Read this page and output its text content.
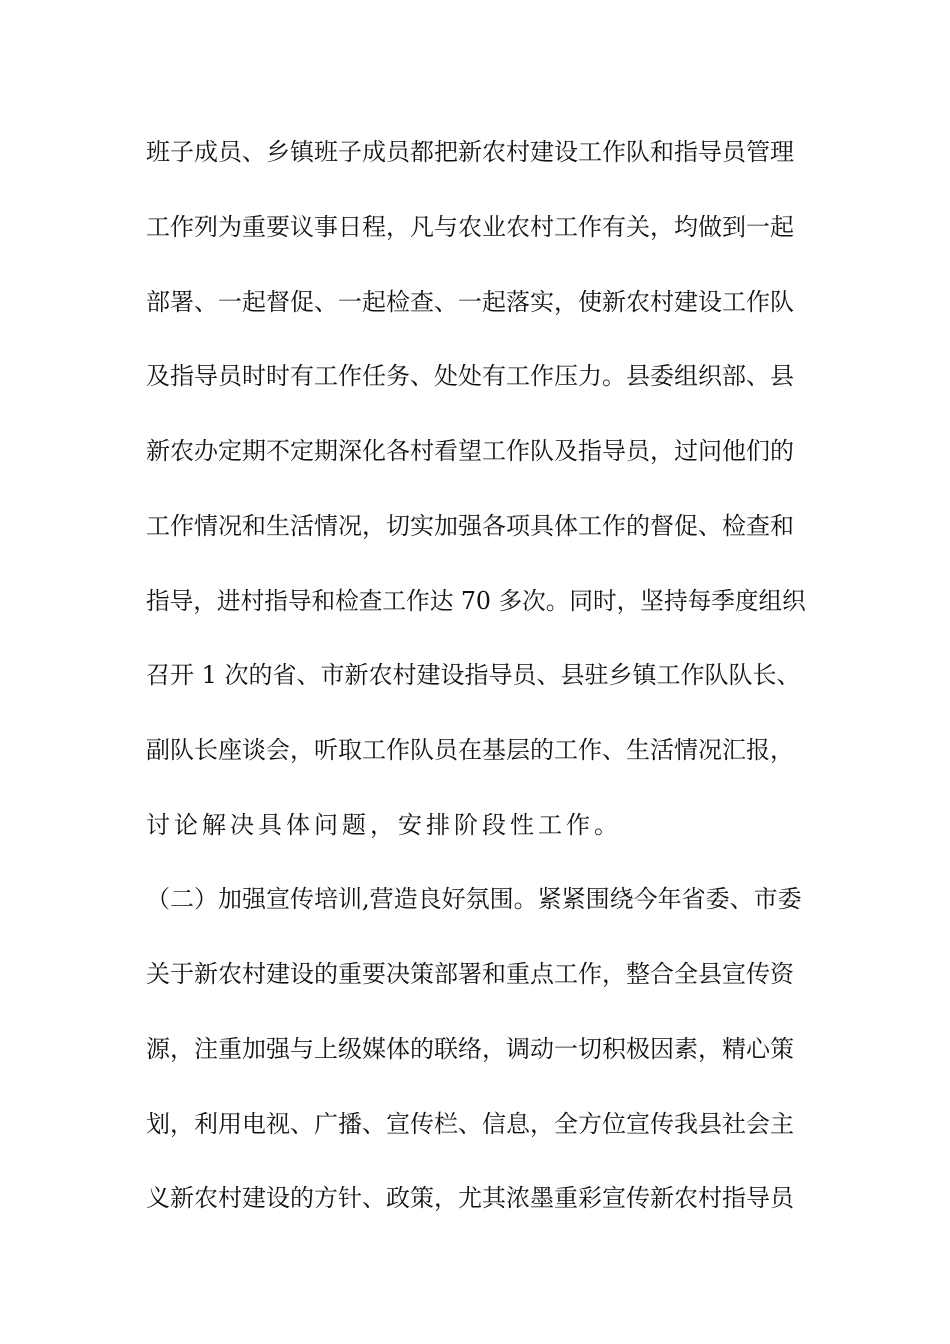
班子成员、乡镇班子成员都把新农村建设工作队和指导员管理
工作列为重要议事日程，凡与农业农村工作有关，均做到一起
部署、一起督促、一起检查、一起落实，使新农村建设工作队
及指导员时时有工作任务、处处有工作压力。县委组织部、县
新农办定期不定期深化各村看望工作队及指导员，过问他们的
工作情况和生活情况，切实加强各项具体工作的督促、检查和
指导，进村指导和检查工作达 70 多次。同时，坚持每季度组织
召开 1 次的省、市新农村建设指导员、县驻乡镇工作队队长、
副队长座谈会，听取工作队员在基层的工作、生活情况汇报，
讨论解决具体问题，安排阶段性工作。
（二）加强宣传培训,营造良好氛围。紧紧围绕今年省委、市委
关于新农村建设的重要决策部署和重点工作，整合全县宣传资
源，注重加强与上级媒体的联络，调动一切积极因素，精心策
划，利用电视、广播、宣传栏、信息，全方位宣传我县社会主
义新农村建设的方针、政策，尤其浓墨重彩宣传新农村指导员
